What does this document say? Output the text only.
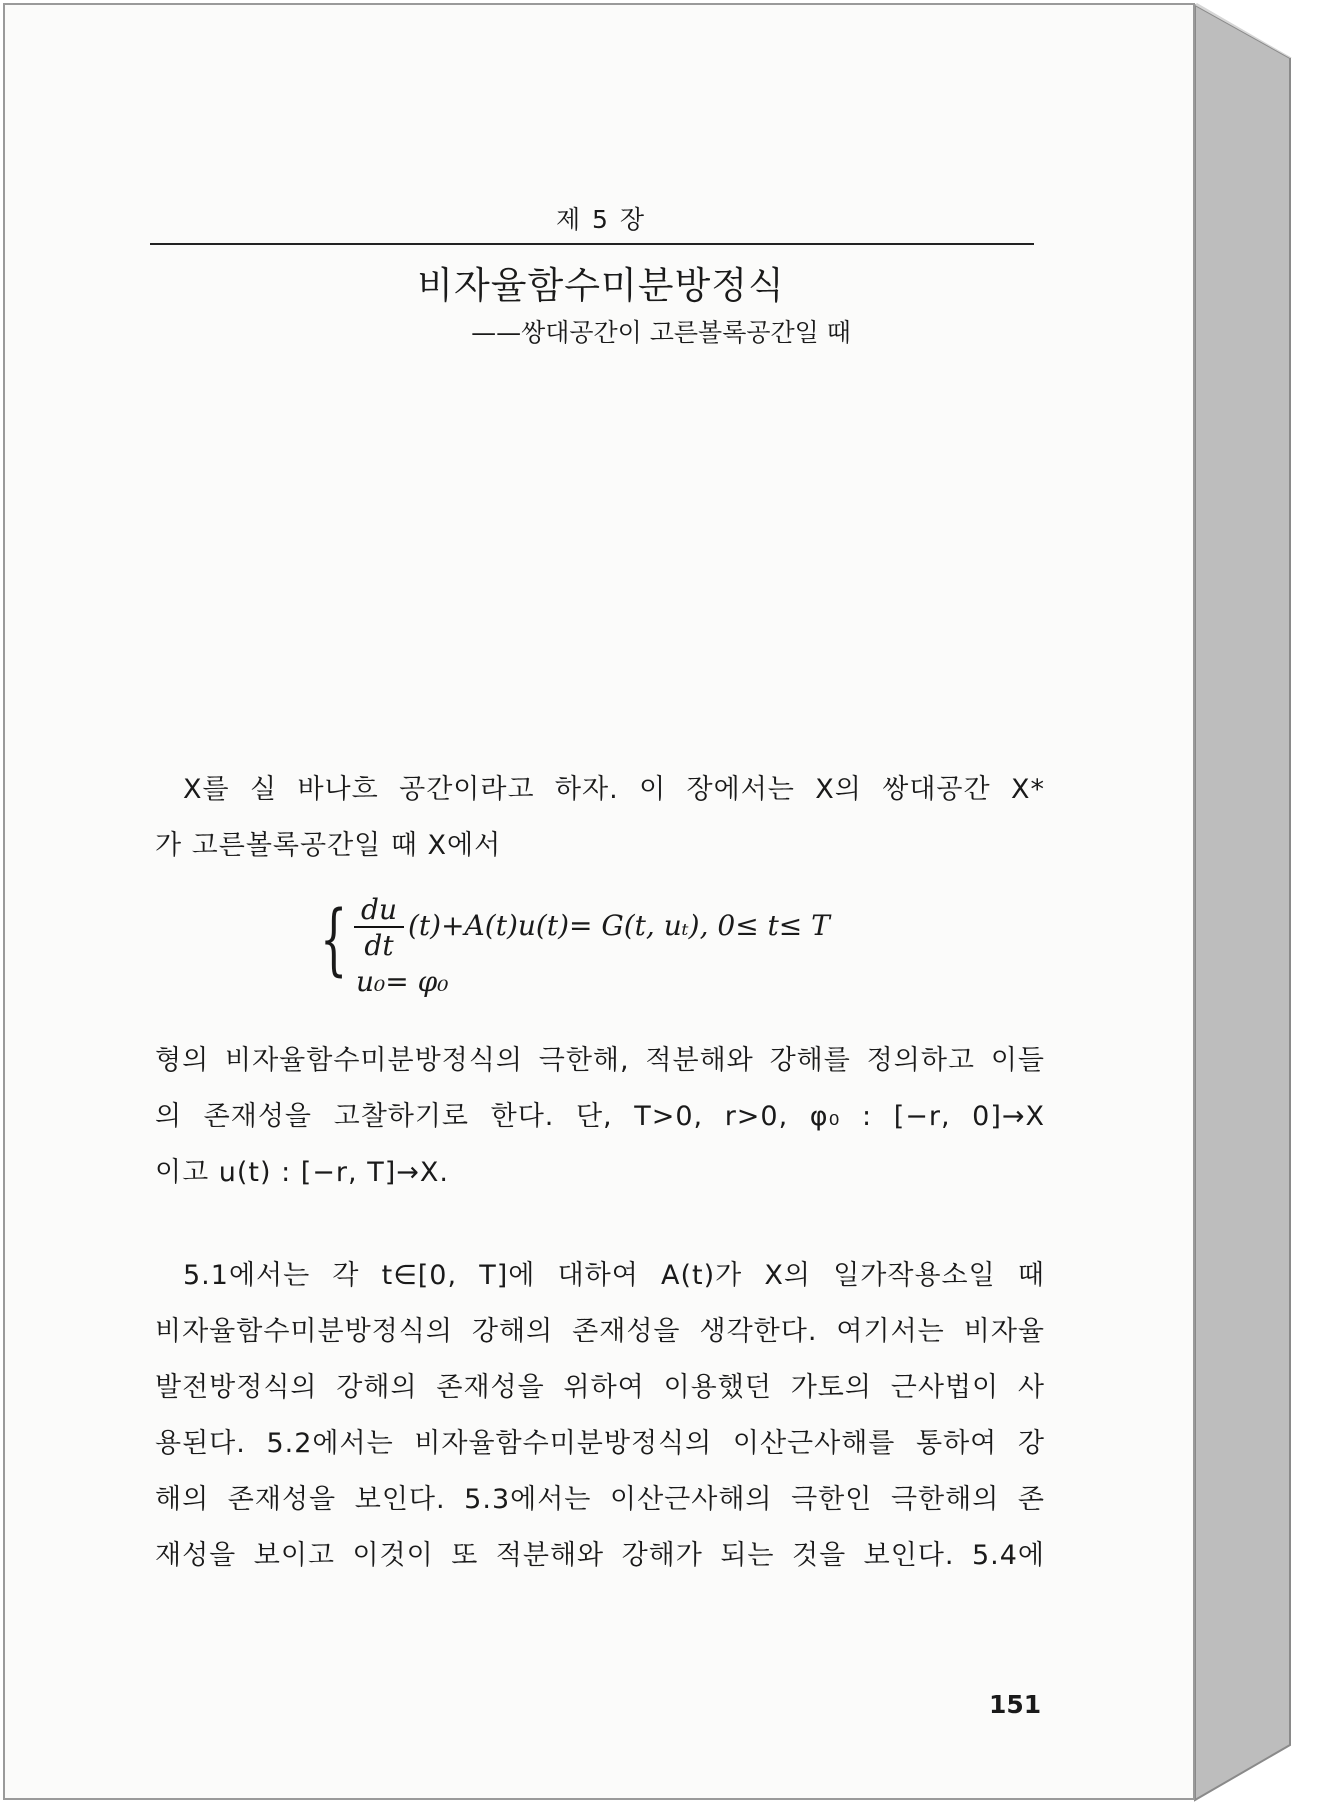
제 5 장
비자율함수미분방정식
——쌍대공간이 고른볼록공간일 때
X를 실 바나흐 공간이라고 하자. 이 장에서는 X의 쌍대공간 X*
가 고른볼록공간일 때 X에서
{ du
dt
(t)+A(t)u(t)= G(t, uₜ), 0≤ t≤ T
u₀= φ₀
형의 비자율함수미분방정식의 극한해, 적분해와 강해를 정의하고 이들
의 존재성을 고찰하기로 한다. 단, T>0, r>0, φ₀ : [−r, 0]→X
이고 u(t) : [−r, T]→X.
5.1에서는 각 t∈[0, T]에 대하여 A(t)가 X의 일가작용소일 때
비자율함수미분방정식의 강해의 존재성을 생각한다. 여기서는 비자율
발전방정식의 강해의 존재성을 위하여 이용했던 가토의 근사법이 사
용된다. 5.2에서는 비자율함수미분방정식의 이산근사해를 통하여 강
해의 존재성을 보인다. 5.3에서는 이산근사해의 극한인 극한해의 존
재성을 보이고 이것이 또 적분해와 강해가 되는 것을 보인다. 5.4에
151
